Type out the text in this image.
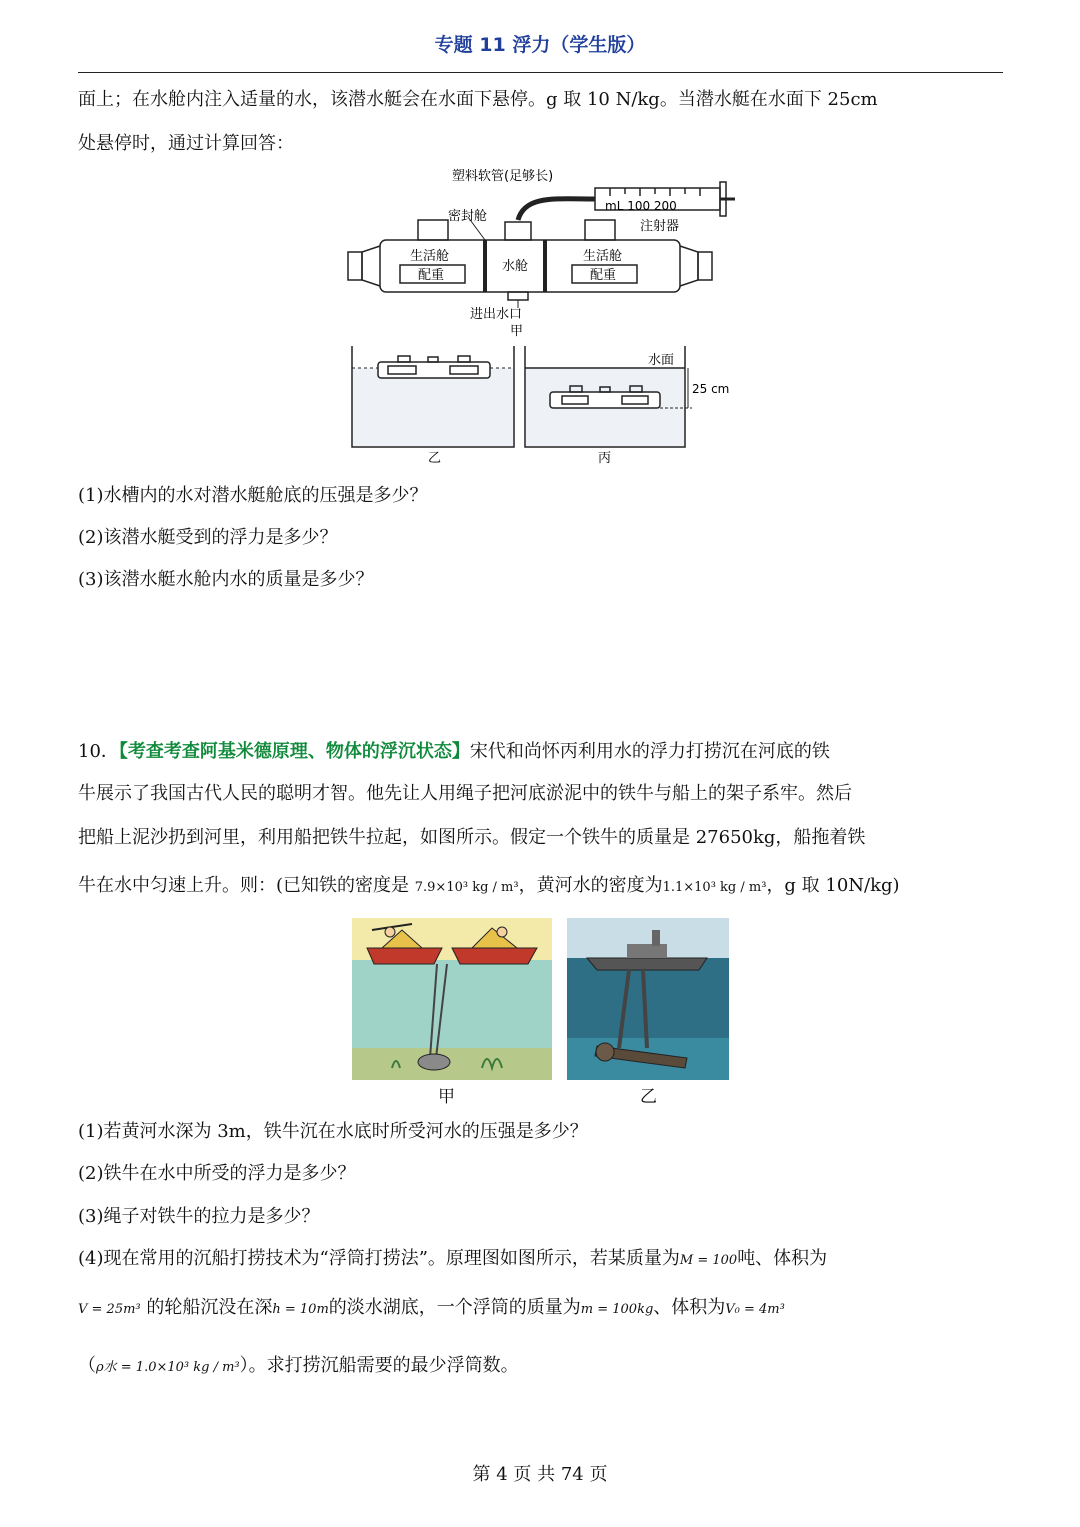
专题 11 浮力（学生版）
面上；在水舱内注入适量的水，该潜水艇会在水面下悬停。g 取 10 N/kg。当潜水艇在水面下 25cm
处悬停时，通过计算回答：
塑料软管(足够长)
mL 100 200
注射器
密封舱
生活舱	生活舱
配重	配重
水舱
进出水口
甲
水面
25 cm
乙	丙
(1)水槽内的水对潜水艇舱底的压强是多少？
(2)该潜水艇受到的浮力是多少？
(3)该潜水艇水舱内水的质量是多少？
10．【考查考查阿基米德原理、物体的浮沉状态】宋代和尚怀丙利用水的浮力打捞沉在河底的铁
牛展示了我国古代人民的聪明才智。他先让人用绳子把河底淤泥中的铁牛与船上的架子系牢。然后
把船上泥沙扔到河里，利用船把铁牛拉起，如图所示。假定一个铁牛的质量是 27650kg，船拖着铁
牛在水中匀速上升。则：(已知铁的密度是 7.9×10³ kg / m³，黄河水的密度为1.1×10³ kg / m³，g 取 10N/kg)
甲	乙
(1)若黄河水深为 3m，铁牛沉在水底时所受河水的压强是多少？
(2)铁牛在水中所受的浮力是多少？
(3)绳子对铁牛的拉力是多少？
(4)现在常用的沉船打捞技术为“浮筒打捞法”。原理图如图所示，若某质量为M = 100吨、体积为
V = 25m³ 的轮船沉没在深h = 10m的淡水湖底，一个浮筒的质量为m = 100kg、体积为V₀ = 4m³
（ρ水 = 1.0×10³ kg / m³）。求打捞沉船需要的最少浮筒数。
第 4 页 共 74 页
